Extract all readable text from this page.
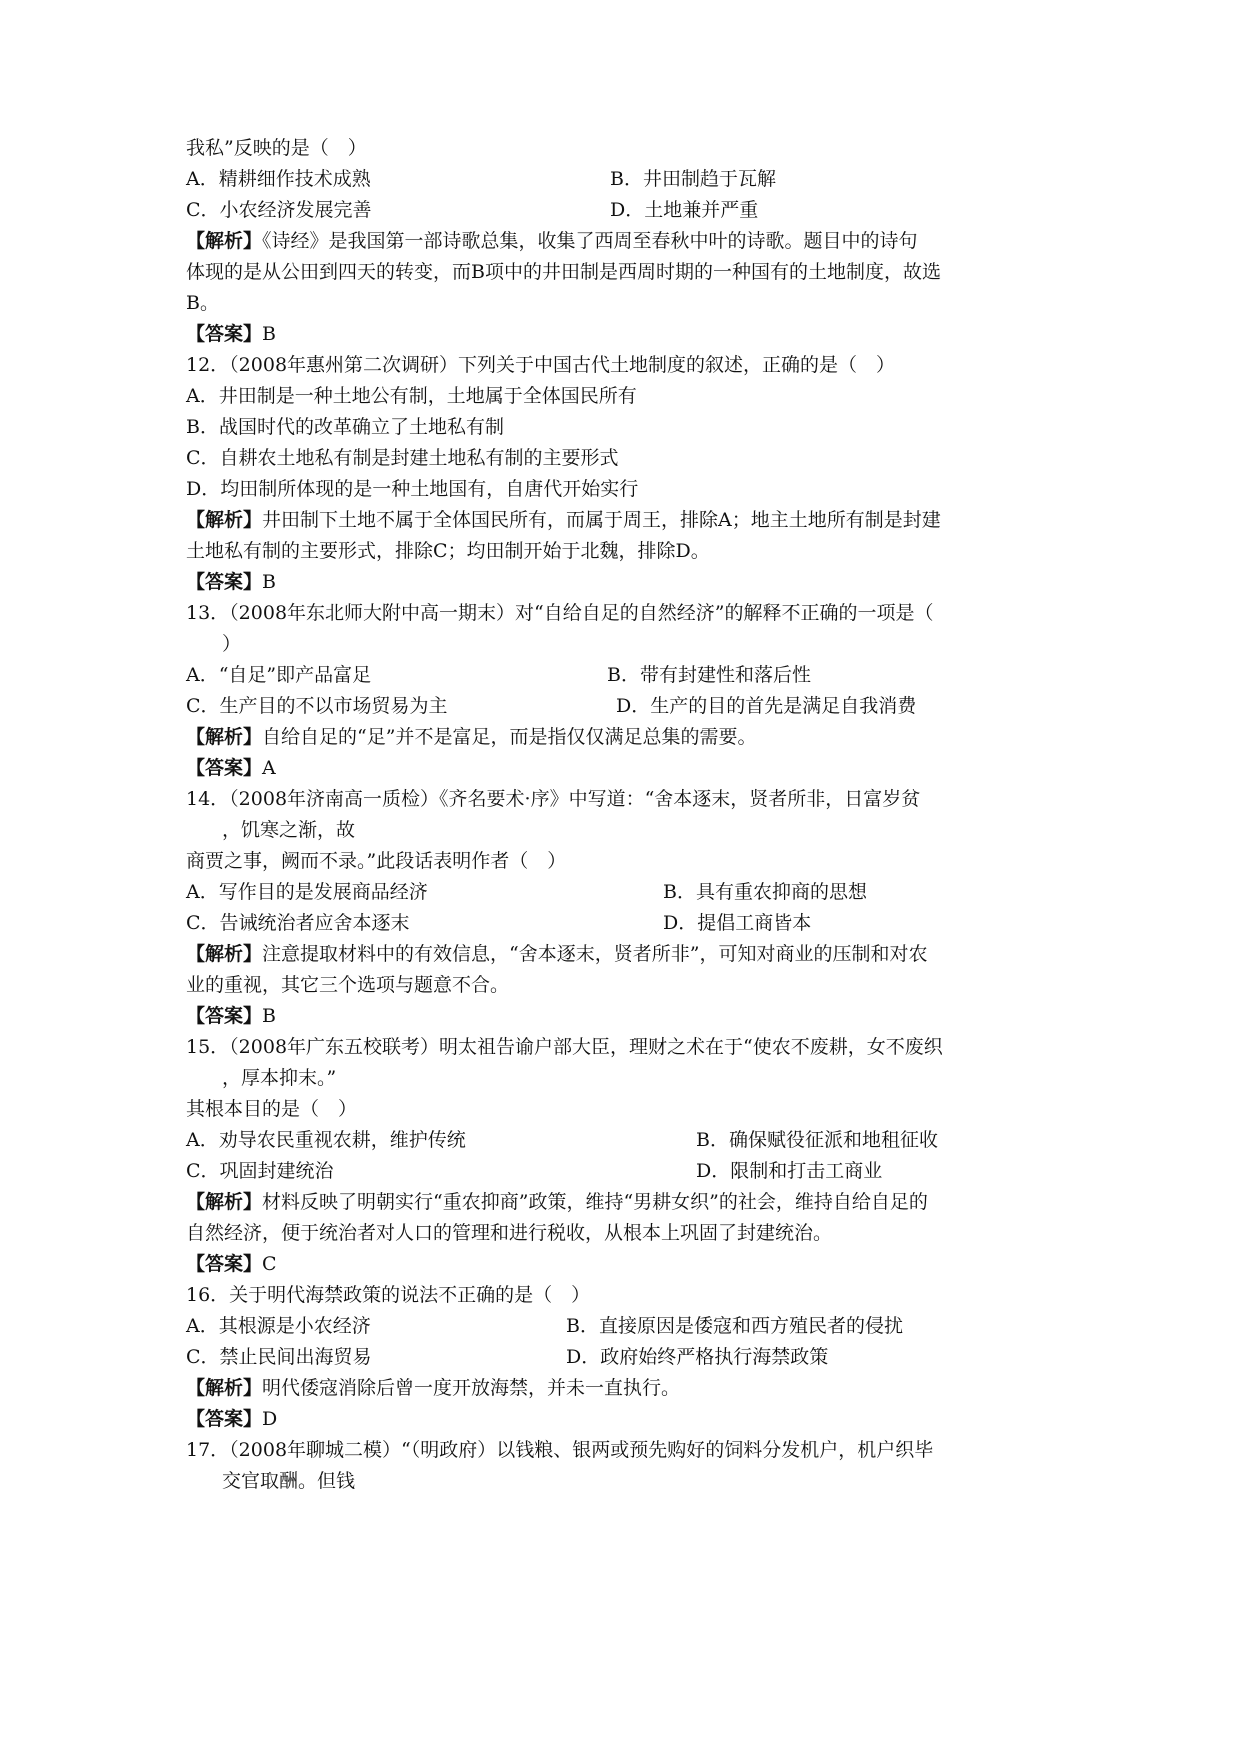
我私”反映的是（　）
A．精耕细作技术成熟	B．井田制趋于瓦解
C．小农经济发展完善	D．土地兼并严重
【解析】《诗经》是我国第一部诗歌总集，收集了西周至春秋中叶的诗歌。题目中的诗句
体现的是从公田到四天的转变，而B项中的井田制是西周时期的一种国有的土地制度，故选
B。
【答案】B
12．（2008年惠州第二次调研）下列关于中国古代土地制度的叙述，正确的是（　）
A．井田制是一种土地公有制，土地属于全体国民所有
B．战国时代的改革确立了土地私有制
C．自耕农土地私有制是封建土地私有制的主要形式
D．均田制所体现的是一种土地国有，自唐代开始实行
【解析】井田制下土地不属于全体国民所有，而属于周王，排除A；地主土地所有制是封建
土地私有制的主要形式，排除C；均田制开始于北魏，排除D。
【答案】B
13．（2008年东北师大附中高一期末）对“自给自足的自然经济”的解释不正确的一项是（
）
A．“自足”即产品富足	B．带有封建性和落后性
C．生产目的不以市场贸易为主	D．生产的目的首先是满足自我消费
【解析】自给自足的“足”并不是富足，而是指仅仅满足总集的需要。
【答案】A
14．（2008年济南高一质检）《齐名要术·序》中写道：“舍本逐末，贤者所非，日富岁贫
，饥寒之渐，故
商贾之事，阙而不录。”此段话表明作者（　）
A．写作目的是发展商品经济	B．具有重农抑商的思想
C．告诫统治者应舍本逐末	D．提倡工商皆本
【解析】注意提取材料中的有效信息，“舍本逐末，贤者所非”，可知对商业的压制和对农
业的重视，其它三个选项与题意不合。
【答案】B
15．（2008年广东五校联考）明太祖告谕户部大臣，理财之术在于“使农不废耕，女不废织
，厚本抑末。”
其根本目的是（　）
A．劝导农民重视农耕，维护传统	B．确保赋役征派和地租征收
C．巩固封建统治	D．限制和打击工商业
【解析】材料反映了明朝实行“重农抑商”政策，维持“男耕女织”的社会，维持自给自足的
自然经济，便于统治者对人口的管理和进行税收，从根本上巩固了封建统治。
【答案】C
16．关于明代海禁政策的说法不正确的是（　）
A．其根源是小农经济	B．直接原因是倭寇和西方殖民者的侵扰
C．禁止民间出海贸易	D．政府始终严格执行海禁政策
【解析】明代倭寇消除后曾一度开放海禁，并未一直执行。
【答案】D
17．（2008年聊城二模）“（明政府）以钱粮、银两或预先购好的饲料分发机户，机户织毕
交官取酬。但钱
